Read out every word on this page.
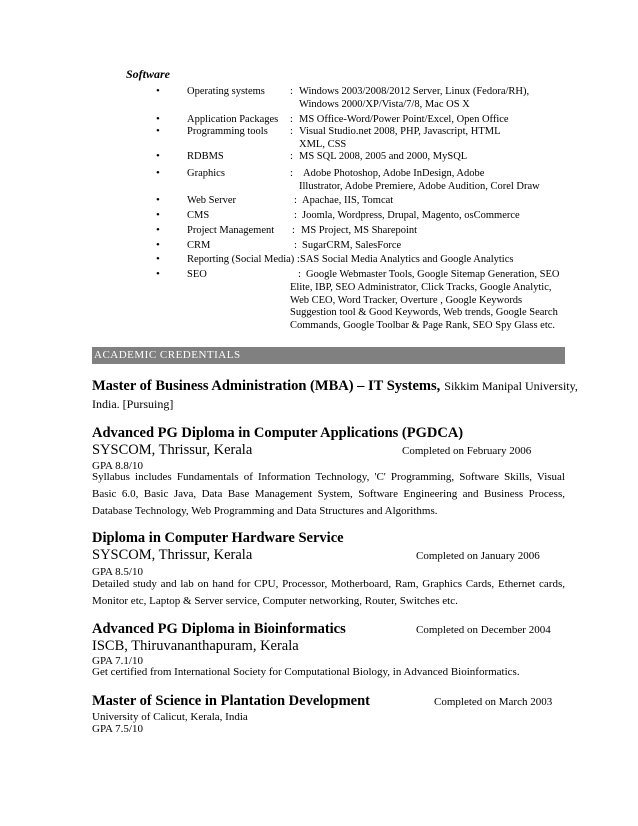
Software
•	Operating systems : Windows 2003/2008/2012 Server, Linux (Fedora/RH),
Windows 2000/XP/Vista/7/8, Mac OS X
•	Application Packages : MS Office-Word/Power Point/Excel, Open Office
•	Programming tools : Visual Studio.net 2008, PHP, Javascript, HTML
XML, CSS
•	RDBMS	: MS SQL 2008, 2005 and 2000, MySQL
•	Graphics	: Adobe Photoshop, Adobe InDesign, Adobe
Illustrator, Adobe Premiere, Adobe Audition, Corel Draw
•	Web Server	: Apachae, IIS, Tomcat
•	CMS	: Joomla, Wordpress, Drupal, Magento, osCommerce
•	Project Management : MS Project, MS Sharepoint
•	CRM	: SugarCRM, SalesForce
•	Reporting (Social Media) : SAS Social Media Analytics and Google Analytics
•	SEO	: Google Webmaster Tools, Google Sitemap Generation, SEO
Elite, IBP, SEO Administrator, Click Tracks, Google Analytic,
Web CEO, Word Tracker, Overture , Google Keywords
Suggestion tool & Good Keywords, Web trends, Google Search
Commands, Google Toolbar & Page Rank, SEO Spy Glass etc.
ACADEMIC CREDENTIALS
Master of Business Administration (MBA) – IT Systems, Sikkim Manipal University,
India. [Pursuing]
Advanced PG Diploma in Computer Applications (PGDCA)
SYSCOM, Thrissur, Kerala	Completed on February 2006
GPA 8.8/10
Syllabus includes Fundamentals of Information Technology, 'C' Programming, Software Skills, Visual Basic 6.0, Basic Java, Data Base Management System, Software Engineering and Business Process, Database Technology, Web Programming and Data Structures and Algorithms.
Diploma in Computer Hardware Service
SYSCOM, Thrissur, Kerala	Completed on January 2006
GPA 8.5/10
Detailed study and lab on hand for CPU, Processor, Motherboard, Ram, Graphics Cards, Ethernet cards, Monitor etc, Laptop & Server service, Computer networking, Router, Switches etc.
Advanced PG Diploma in Bioinformatics	Completed on December 2004
ISCB, Thiruvananthapuram, Kerala
GPA 7.1/10
Get certified from International Society for Computational Biology, in Advanced Bioinformatics.
Master of Science in Plantation Development	Completed on March 2003
University of Calicut, Kerala, India
GPA 7.5/10
